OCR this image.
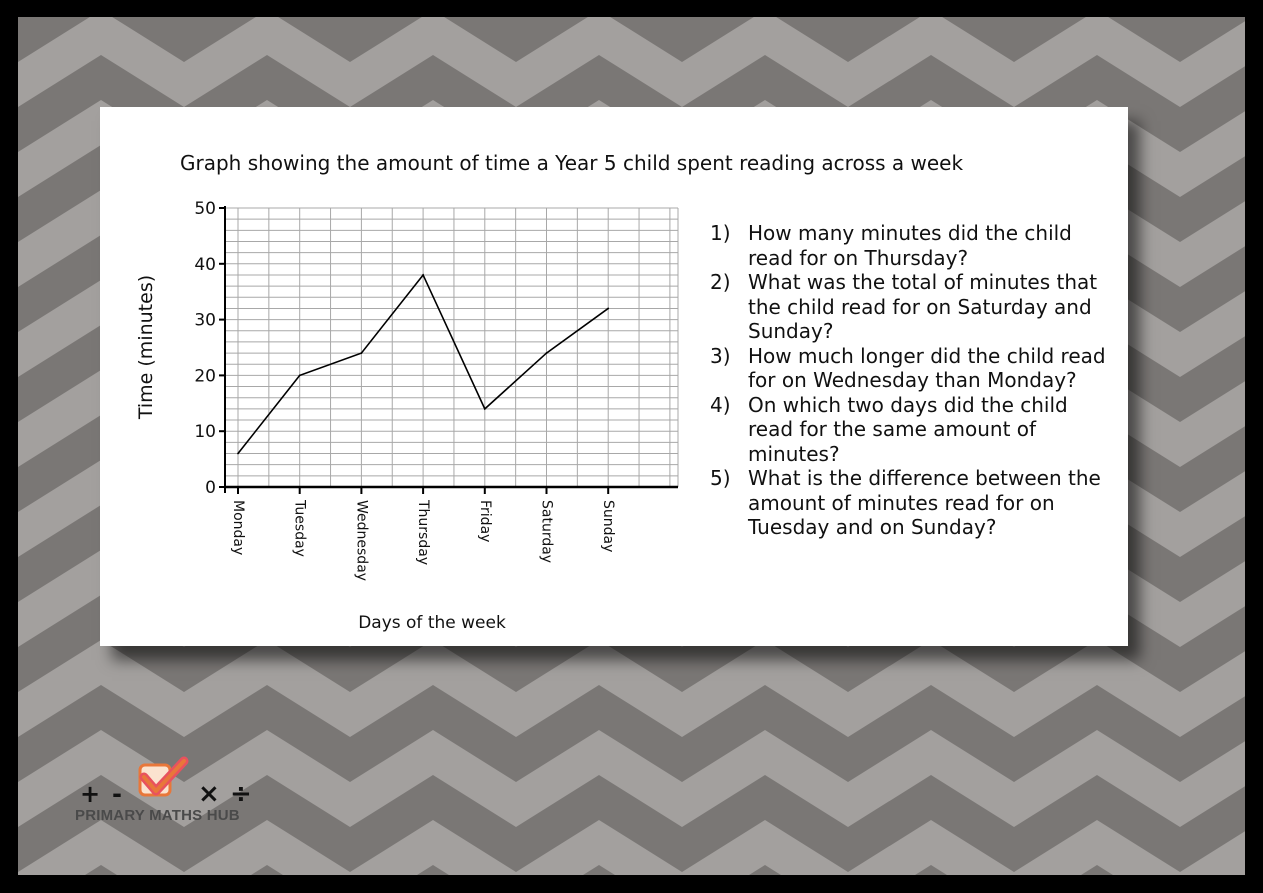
Graph showing the amount of time a Year 5 child spent reading across a week
0
10
20
30
40
50
Monday	Tuesday	Wednesday	Thursday	Friday	Saturday	Sunday
Days of the week
Time (minutes)
1) How many minutes did the child read for on Thursday?
2) What was the total of minutes that the child read for on Saturday and Sunday?
3) How much longer did the child read for on Wednesday than Monday?
4) On which two days did the child read for the same amount of minutes?
5) What is the difference between the amount of minutes read for on Tuesday and on Sunday?
+ -	× ÷
PRIMARY MATHS HUB
